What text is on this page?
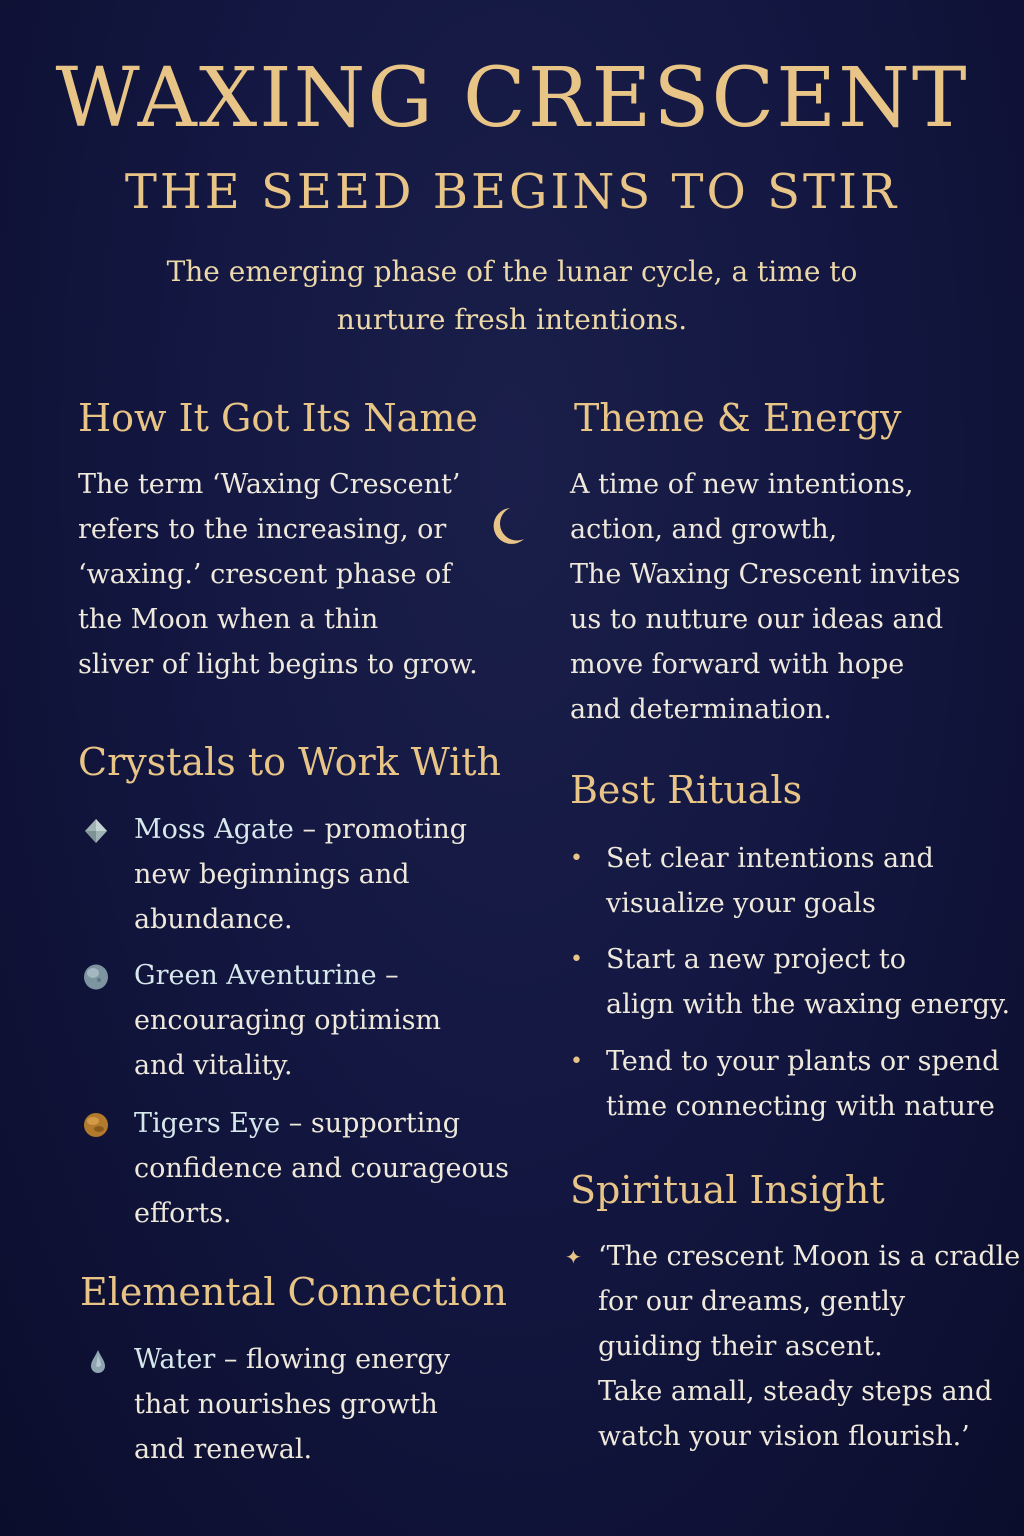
WAXING CRESCENT
THE SEED BEGINS TO STIR
The emerging phase of the lunar cycle, a time to
nurture fresh intentions.
How It Got Its Name
The term ‘Waxing Crescent’
refers to the increasing, or
‘waxing.’ crescent phase of
the Moon when a thin
sliver of light begins to grow.
Theme & Energy
A time of new intentions,
action, and growth,
The Waxing Crescent invites
us to nutture our ideas and
move forward with hope
and determination.
Crystals to Work With
Moss Agate – promoting
new beginnings and
abundance.
Green Aventurine –
encouraging optimism
and vitality.
Tigers Eye – supporting
confidence and courageous
efforts.
Elemental Connection
Water – flowing energy
that nourishes growth
and renewal.
Best Rituals
• Set clear intentions and
visualize your goals
• Start a new project to
align with the waxing energy.
• Tend to your plants or spend
time connecting with nature
Spiritual Insight
✦ ‘The crescent Moon is a cradle
for our dreams, gently
guiding their ascent.
Take amall, steady steps and
watch your vision flourish.’
